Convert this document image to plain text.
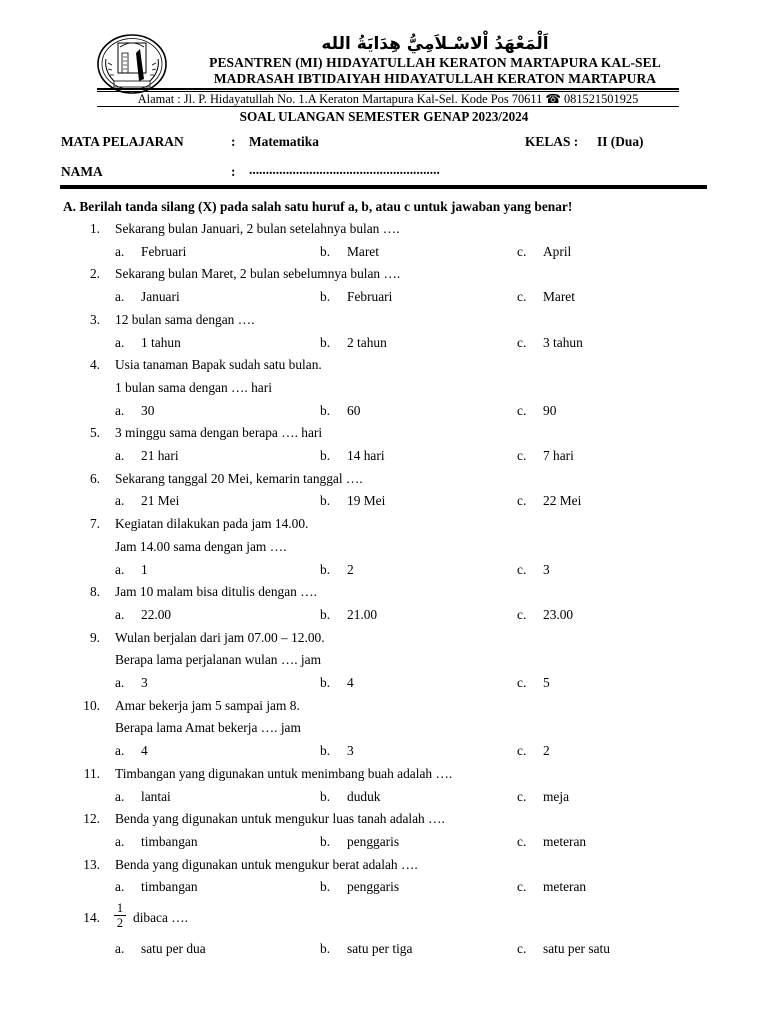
اَلْمَعْهَدُ اْلاسْـلاَمِيُّ هِدَايَةُ الله
PESANTREN (MI) HIDAYATULLAH KERATON MARTAPURA KAL-SEL
MADRASAH IBTIDAIYAH HIDAYATULLAH KERATON MARTAPURA
Alamat : Jl. P. Hidayatullah No. 1.A Keraton Martapura Kal-Sel. Kode Pos 70611 ☎ 081521501925
SOAL ULANGAN SEMESTER GENAP 2023/2024
MATA PELAJARAN	: Matematika	KELAS : II (Dua)
NAMA	: .........................................................
A. Berilah tanda silang (X) pada salah satu huruf a, b, atau c untuk jawaban yang benar!
1. Sekarang bulan Januari, 2 bulan setelahnya bulan ….
a. Februari	b. Maret	c. April
2. Sekarang bulan Maret, 2 bulan sebelumnya bulan ….
a. Januari	b. Februari	c. Maret
3. 12 bulan sama dengan ….
a. 1 tahun	b. 2 tahun	c. 3 tahun
4. Usia tanaman Bapak sudah satu bulan.
1 bulan sama dengan …. hari
a. 30	b. 60	c. 90
5. 3 minggu sama dengan berapa …. hari
a. 21 hari	b. 14 hari	c. 7 hari
6. Sekarang tanggal 20 Mei, kemarin tanggal ….
a. 21 Mei	b. 19 Mei	c. 22 Mei
7. Kegiatan dilakukan pada jam 14.00.
Jam 14.00 sama dengan jam ….
a. 1	b. 2	c. 3
8. Jam 10 malam bisa ditulis dengan ….
a. 22.00	b. 21.00	c. 23.00
9. Wulan berjalan dari jam 07.00 – 12.00.
Berapa lama perjalanan wulan …. jam
a. 3	b. 4	c. 5
10. Amar bekerja jam 5 sampai jam 8.
Berapa lama Amat bekerja …. jam
a. 4	b. 3	c. 2
11. Timbangan yang digunakan untuk menimbang buah adalah ….
a. lantai	b. duduk	c. meja
12. Benda yang digunakan untuk mengukur luas tanah adalah ….
a. timbangan	b. penggaris	c. meteran
13. Benda yang digunakan untuk mengukur berat adalah ….
a. timbangan	b. penggaris	c. meteran
14.
1
2 dibaca ….
a. satu per dua	b. satu per tiga	c. satu per satu
